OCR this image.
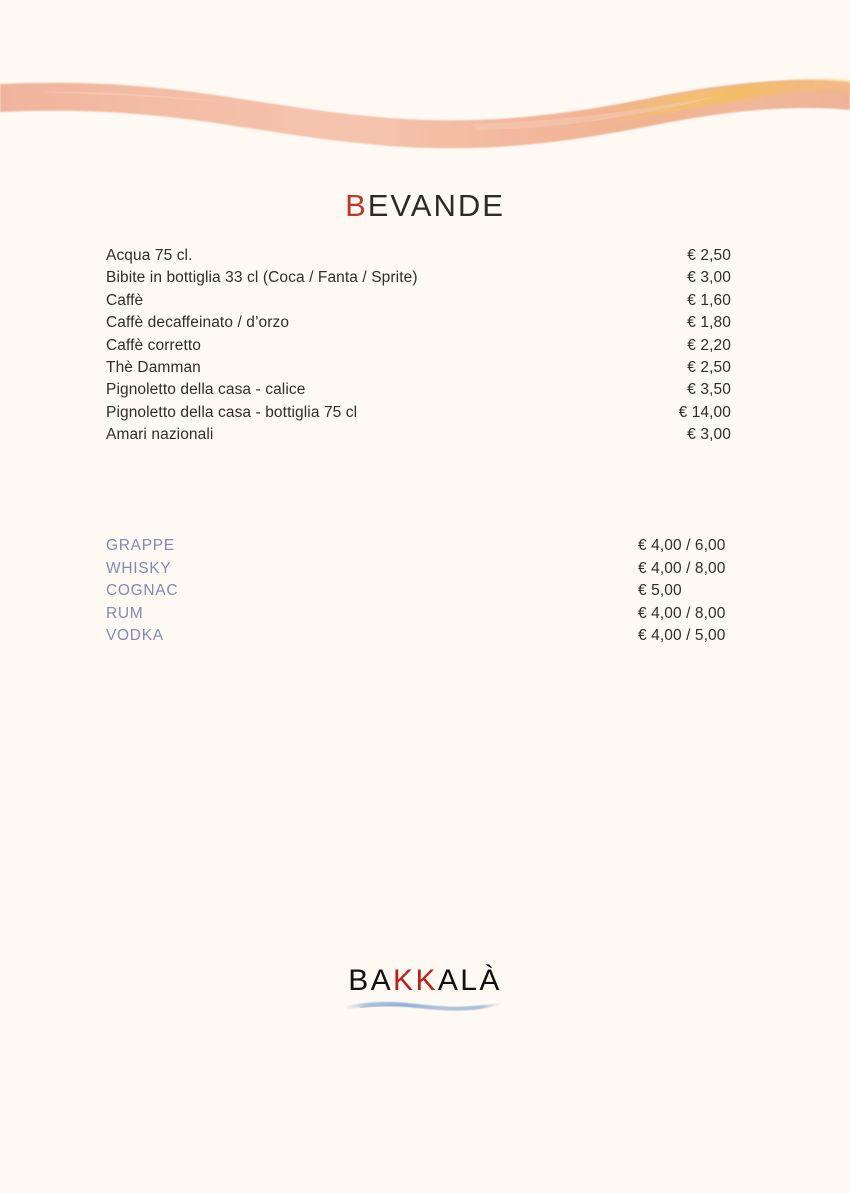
BEVANDE
Acqua 75 cl.	€ 2,50
Bibite in bottiglia 33 cl (Coca / Fanta / Sprite)	€ 3,00
Caffè	€ 1,60
Caffè decaffeinato / d’orzo	€ 1,80
Caffè corretto	€ 2,20
Thè Damman	€ 2,50
Pignoletto della casa - calice	€ 3,50
Pignoletto della casa - bottiglia 75 cl	€ 14,00
Amari nazionali	€ 3,00
GRAPPE	€ 4,00 / 6,00
WHISKY	€ 4,00 / 8,00
COGNAC	€ 5,00
RUM	€ 4,00 / 8,00
VODKA	€ 4,00 / 5,00
BAKKALÀ
